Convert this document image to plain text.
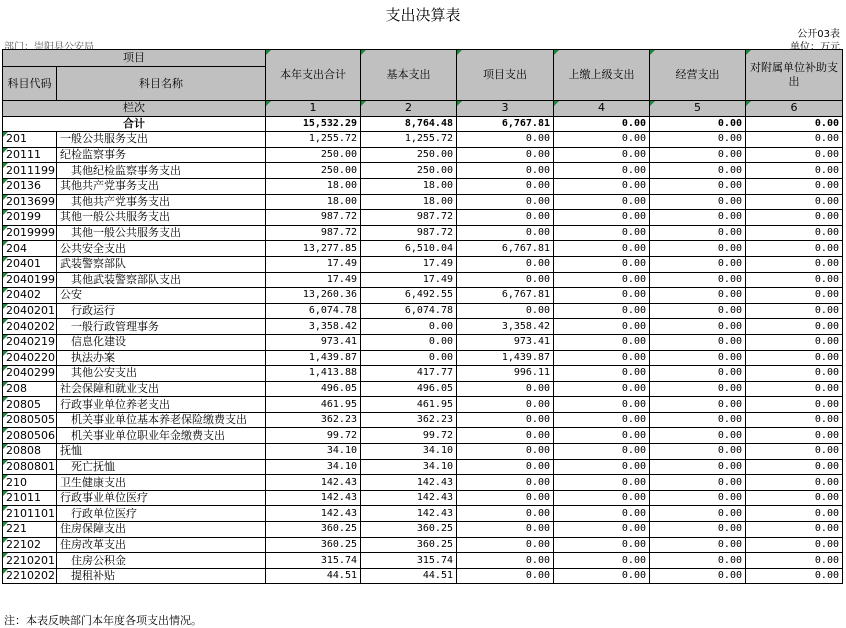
支出决算表
公开03表
部门：崇阳县公安局	单位：万元
项目		本年支出合计	基本支出	项目支出	上缴上级支出	经营支出	对附属单位补助支出
科目代码	科目名称						
栏次		1	2	3	4	5	6
合计		15,532.29	8,764.48	6,767.81	0.00	0.00	0.00
201	一般公共服务支出	1,255.72	1,255.72	0.00	0.00	0.00	0.00
20111	纪检监察事务	250.00	250.00	0.00	0.00	0.00	0.00
2011199	其他纪检监察事务支出	250.00	250.00	0.00	0.00	0.00	0.00
20136	其他共产党事务支出	18.00	18.00	0.00	0.00	0.00	0.00
2013699	其他共产党事务支出	18.00	18.00	0.00	0.00	0.00	0.00
20199	其他一般公共服务支出	987.72	987.72	0.00	0.00	0.00	0.00
2019999	其他一般公共服务支出	987.72	987.72	0.00	0.00	0.00	0.00
204	公共安全支出	13,277.85	6,510.04	6,767.81	0.00	0.00	0.00
20401	武装警察部队	17.49	17.49	0.00	0.00	0.00	0.00
2040199	其他武装警察部队支出	17.49	17.49	0.00	0.00	0.00	0.00
20402	公安	13,260.36	6,492.55	6,767.81	0.00	0.00	0.00
2040201	行政运行	6,074.78	6,074.78	0.00	0.00	0.00	0.00
2040202	一般行政管理事务	3,358.42	0.00	3,358.42	0.00	0.00	0.00
2040219	信息化建设	973.41	0.00	973.41	0.00	0.00	0.00
2040220	执法办案	1,439.87	0.00	1,439.87	0.00	0.00	0.00
2040299	其他公安支出	1,413.88	417.77	996.11	0.00	0.00	0.00
208	社会保障和就业支出	496.05	496.05	0.00	0.00	0.00	0.00
20805	行政事业单位养老支出	461.95	461.95	0.00	0.00	0.00	0.00
2080505	机关事业单位基本养老保险缴费支出	362.23	362.23	0.00	0.00	0.00	0.00
2080506	机关事业单位职业年金缴费支出	99.72	99.72	0.00	0.00	0.00	0.00
20808	抚恤	34.10	34.10	0.00	0.00	0.00	0.00
2080801	死亡抚恤	34.10	34.10	0.00	0.00	0.00	0.00
210	卫生健康支出	142.43	142.43	0.00	0.00	0.00	0.00
21011	行政事业单位医疗	142.43	142.43	0.00	0.00	0.00	0.00
2101101	行政单位医疗	142.43	142.43	0.00	0.00	0.00	0.00
221	住房保障支出	360.25	360.25	0.00	0.00	0.00	0.00
22102	住房改革支出	360.25	360.25	0.00	0.00	0.00	0.00
2210201	住房公积金	315.74	315.74	0.00	0.00	0.00	0.00
2210202	提租补贴	44.51	44.51	0.00	0.00	0.00	0.00
注：本表反映部门本年度各项支出情况。
